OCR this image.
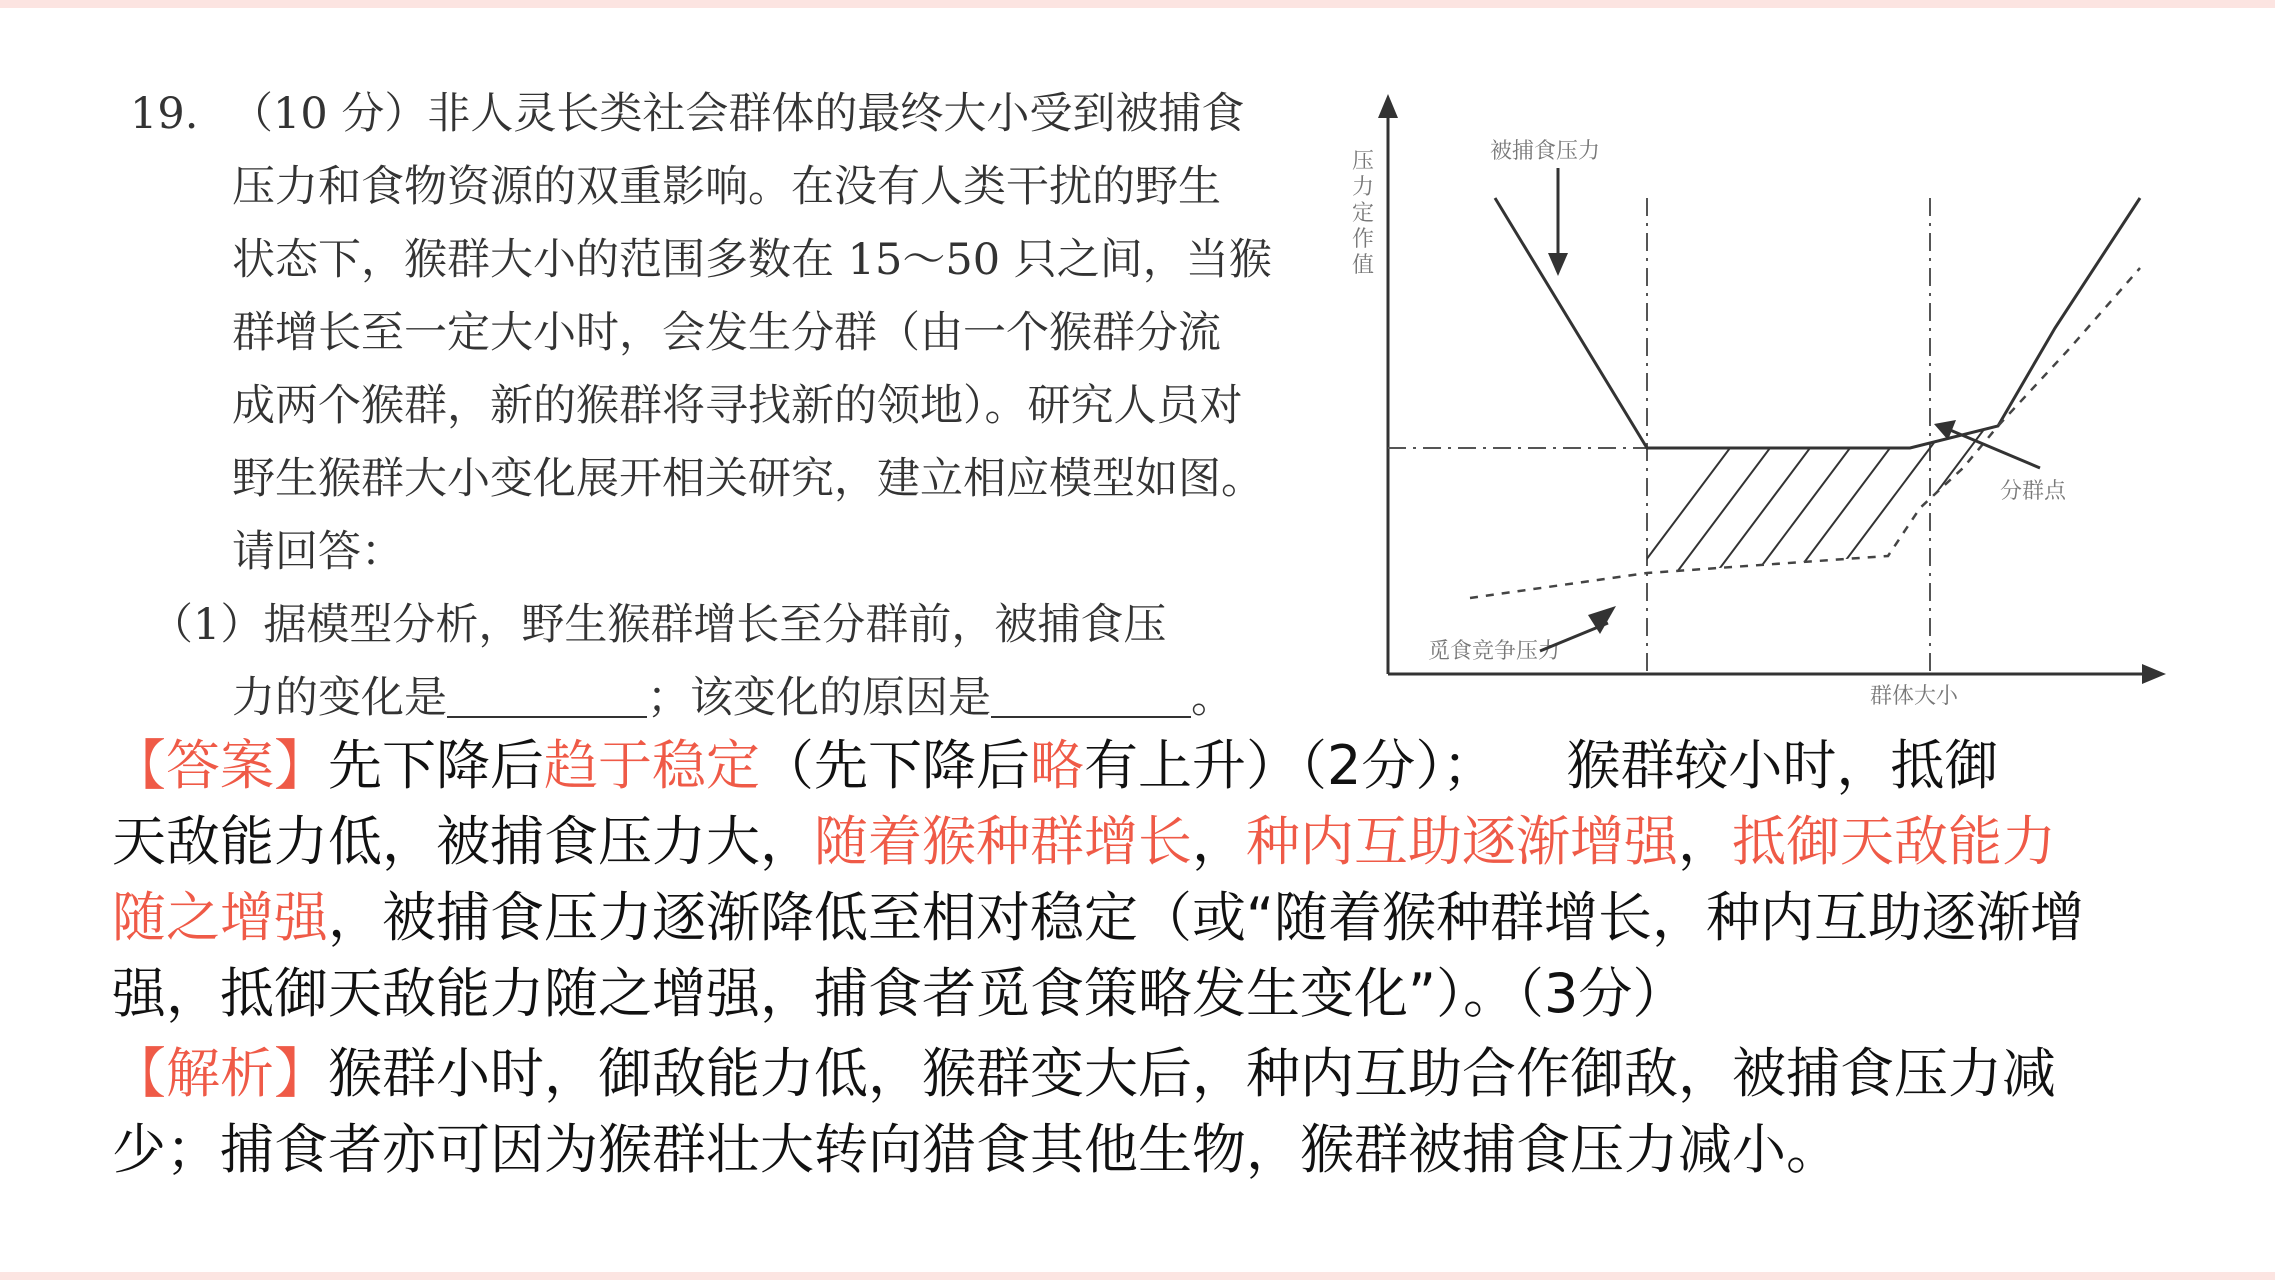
19. （10 分）非人灵长类社会群体的最终大小受到被捕食
压力和食物资源的双重影响。在没有人类干扰的野生
状态下，猴群大小的范围多数在 15～50 只之间，当猴
群增长至一定大小时，会发生分群（由一个猴群分流
成两个猴群，新的猴群将寻找新的领地）。研究人员对
野生猴群大小变化展开相关研究，建立相应模型如图。
请回答：
（1）据模型分析，野生猴群增长至分群前，被捕食压
力的变化是	；该变化的原因是	。
被捕食压力
觅食竞争压力
分群点
压
力
定
作
值
群体大小
【答案】先下降后趋于稳定（先下降后略有上升）（2分）； 猴群较小时，抵御
天敌能力低，被捕食压力大，随着猴种群增长，种内互助逐渐增强，抵御天敌能力
随之增强，被捕食压力逐渐降低至相对稳定（或“随着猴种群增长，种内互助逐渐增
强，抵御天敌能力随之增强，捕食者觅食策略发生变化”）。（3分）
【解析】猴群小时，御敌能力低，猴群变大后，种内互助合作御敌，被捕食压力减
少；捕食者亦可因为猴群壮大转向猎食其他生物，猴群被捕食压力减小。
